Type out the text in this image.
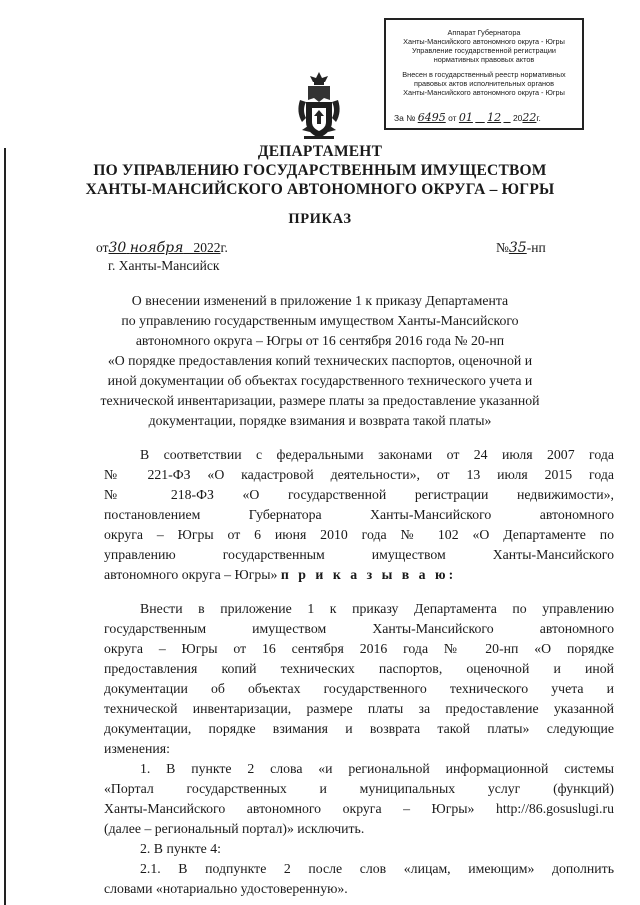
Аппарат Губернатора
Ханты-Мансийского автономного округа - Югры
Управление государственной регистрации
нормативных правовых актов
Внесен в государственный реестр нормативных
правовых актов исполнительных органов
Ханты-Мансийского автономного округа - Югры
За № 6495 от 01 12 2022г.
ДЕПАРТАМЕНТ
ПО УПРАВЛЕНИЮ ГОСУДАРСТВЕННЫМ ИМУЩЕСТВОМ
ХАНТЫ-МАНСИЙСКОГО АВТОНОМНОГО ОКРУГА – ЮГРЫ
ПРИКАЗ
от30 ноября 2022г.	№35-нп
г. Ханты-Мансийск
О внесении изменений в приложение 1 к приказу Департамента
по управлению государственным имуществом Ханты-Мансийского
автономного округа – Югры от 16 сентября 2016 года № 20-нп
«О порядке предоставления копий технических паспортов, оценочной и
иной документации об объектах государственного технического учета и
технической инвентаризации, размере платы за предоставление указанной
документации, порядке взимания и возврата такой платы»
В соответствии с федеральными законами от 24 июля 2007 года
№ 221-ФЗ «О кадастровой деятельности», от 13 июля 2015 года
№ 218-ФЗ «О государственной регистрации недвижимости»,
постановлением Губернатора Ханты-Мансийского автономного
округа – Югры от 6 июня 2010 года № 102 «О Департаменте по
управлению государственным имуществом Ханты-Мансийского
автономного округа – Югры» п р и к а з ы в а ю:
Внести в приложение 1 к приказу Департамента по управлению
государственным имуществом Ханты-Мансийского автономного
округа – Югры от 16 сентября 2016 года № 20-нп «О порядке
предоставления копий технических паспортов, оценочной и иной
документации об объектах государственного технического учета и
технической инвентаризации, размере платы за предоставление указанной
документации, порядке взимания и возврата такой платы» следующие
изменения:
1. В пункте 2 слова «и региональной информационной системы
«Портал государственных и муниципальных услуг (функций)
Ханты-Мансийского автономного округа – Югры» http://86.gosuslugi.ru
(далее – региональный портал)» исключить.
2. В пункте 4:
2.1. В подпункте 2 после слов «лицам, имеющим» дополнить
словами «нотариально удостоверенную».
